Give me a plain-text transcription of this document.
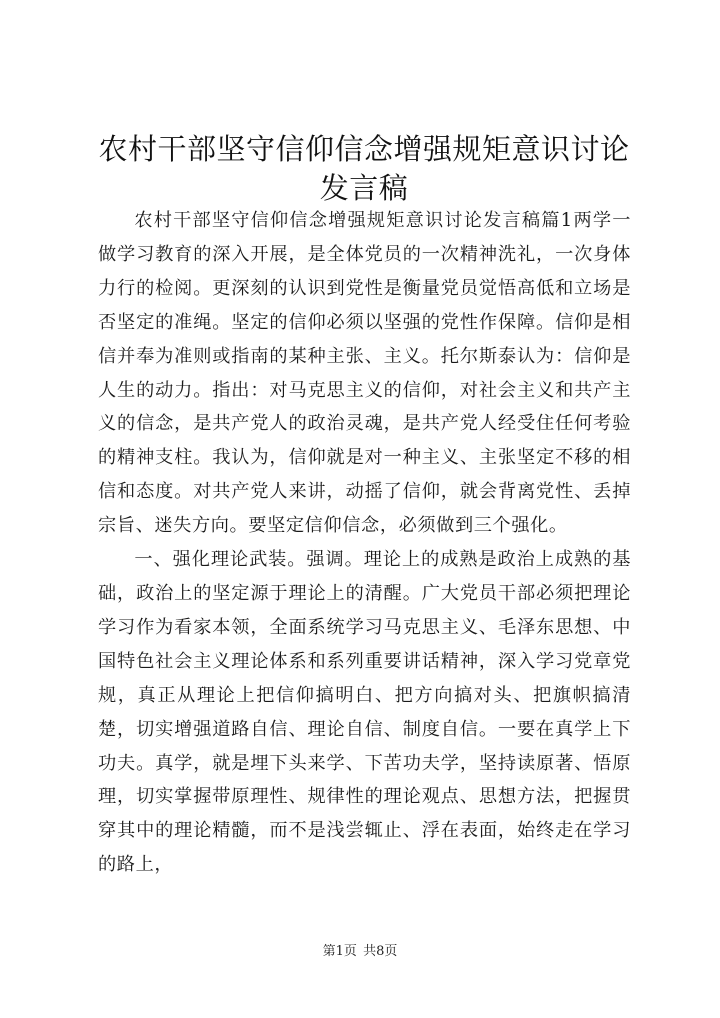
农村干部坚守信仰信念增强规矩意识讨论发言稿

农村干部坚守信仰信念增强规矩意识讨论发言稿篇1两学一做学习教育的深入开展，是全体党员的一次精神洗礼，一次身体力行的检阅。更深刻的认识到党性是衡量党员觉悟高低和立场是否坚定的准绳。坚定的信仰必须以坚强的党性作保障。信仰是相信并奉为准则或指南的某种主张、主义。托尔斯泰认为：信仰是人生的动力。指出：对马克思主义的信仰，对社会主义和共产主义的信念，是共产党人的政治灵魂，是共产党人经受住任何考验的精神支柱。我认为，信仰就是对一种主义、主张坚定不移的相信和态度。对共产党人来讲，动摇了信仰，就会背离党性、丢掉宗旨、迷失方向。要坚定信仰信念，必须做到三个强化。

一、强化理论武装。强调。理论上的成熟是政治上成熟的基础，政治上的坚定源于理论上的清醒。广大党员干部必须把理论学习作为看家本领，全面系统学习马克思主义、毛泽东思想、中国特色社会主义理论体系和系列重要讲话精神，深入学习党章党规，真正从理论上把信仰搞明白、把方向搞对头、把旗帜搞清楚，切实增强道路自信、理论自信、制度自信。一要在真学上下功夫。真学，就是埋下头来学、下苦功夫学，坚持读原著、悟原理，切实掌握带原理性、规律性的理论观点、思想方法，把握贯穿其中的理论精髓，而不是浅尝辄止、浮在表面，始终走在学习的路上，

第1页 共8页
